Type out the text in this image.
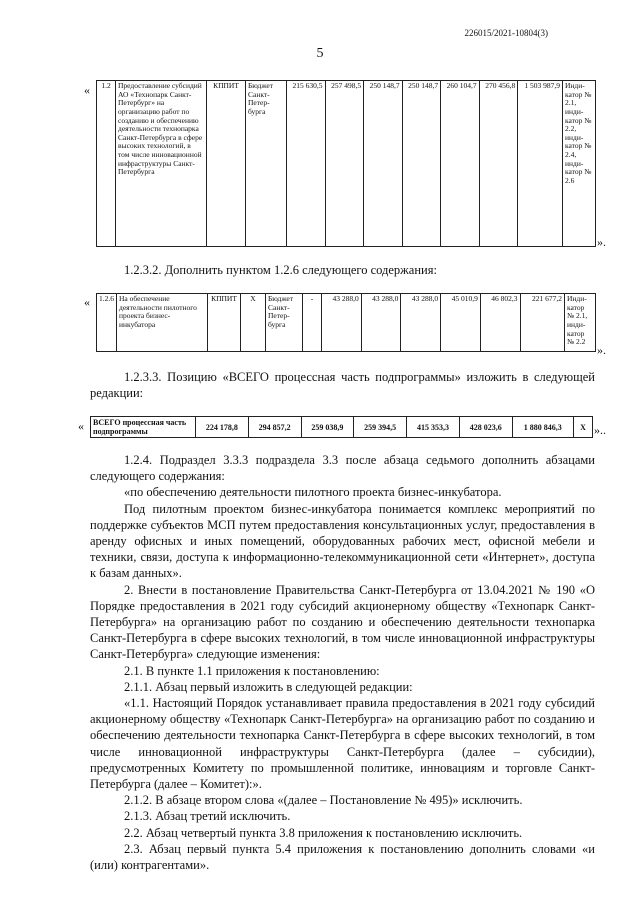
226015/2021-10804(3)
5
« 1.2	Предоставление субсидий АО «Технопарк Санкт-Петербург» на организацию работ по созданию и обеспечению деятельности технопарка Санкт-Петербурга в сфере высоких технологий, в том числе инновационной инфраструктуры Санкт-Петербурга	КППИТ	Бюджет Санкт-Петер-бурга	215 630,5	257 498,5	250 148,7	250 148,7	260 104,7	270 456,8	1 503 987,9	Инди-катор № 2.1, инди-катор № 2.2, инди-катор № 2.4, инди-катор № 2.6
».
1.2.3.2. Дополнить пунктом 1.2.6 следующего содержания:
« 1.2.6	На обеспечение деятельности пилотного проекта бизнес-инкубатора	КППИТ	Х	Бюджет Санкт-Петер-бурга	-	43 288,0	43 288,0	43 288,0	45 010,9	46 802,3	221 677,2	Инди-катор № 2.1, инди-катор № 2.2
».
1.2.3.3. Позицию «ВСЕГО процессная часть подпрограммы» изложить в следующей редакции:
« ВСЕГО процессная часть подпрограммы	224 178,8	294 857,2	259 038,9	259 394,5	415 353,3	428 023,6	1 880 846,3	Х »..

1.2.4. Подраздел 3.3.3 подраздела 3.3 после абзаца седьмого дополнить абзацами следующего содержания:

«по обеспечению деятельности пилотного проекта бизнес-инкубатора.

Под пилотным проектом бизнес-инкубатора понимается комплекс мероприятий по поддержке субъектов МСП путем предоставления консультационных услуг, предоставления в аренду офисных и иных помещений, оборудованных рабочих мест, офисной мебели и техники, связи, доступа к информационно-телекоммуникационной сети «Интернет», доступа к базам данных».

2. Внести в постановление Правительства Санкт-Петербурга от 13.04.2021 № 190 «О Порядке предоставления в 2021 году субсидий акционерному обществу «Технопарк Санкт-Петербурга» на организацию работ по созданию и обеспечению деятельности технопарка Санкт-Петербурга в сфере высоких технологий, в том числе инновационной инфраструктуры Санкт-Петербурга» следующие изменения:

2.1. В пункте 1.1 приложения к постановлению:

2.1.1. Абзац первый изложить в следующей редакции:

«1.1. Настоящий Порядок устанавливает правила предоставления в 2021 году субсидий акционерному обществу «Технопарк Санкт-Петербурга» на организацию работ по созданию и обеспечению деятельности технопарка Санкт-Петербурга в сфере высоких технологий, в том числе инновационной инфраструктуры Санкт-Петербурга (далее – субсидии), предусмотренных Комитету по промышленной политике, инновациям и торговле Санкт-Петербурга (далее – Комитет):».

2.1.2. В абзаце втором слова «(далее – Постановление № 495)» исключить.

2.1.3. Абзац третий исключить.

2.2. Абзац четвертый пункта 3.8 приложения к постановлению исключить.

2.3. Абзац первый пункта 5.4 приложения к постановлению дополнить словами «и (или) контрагентами».
